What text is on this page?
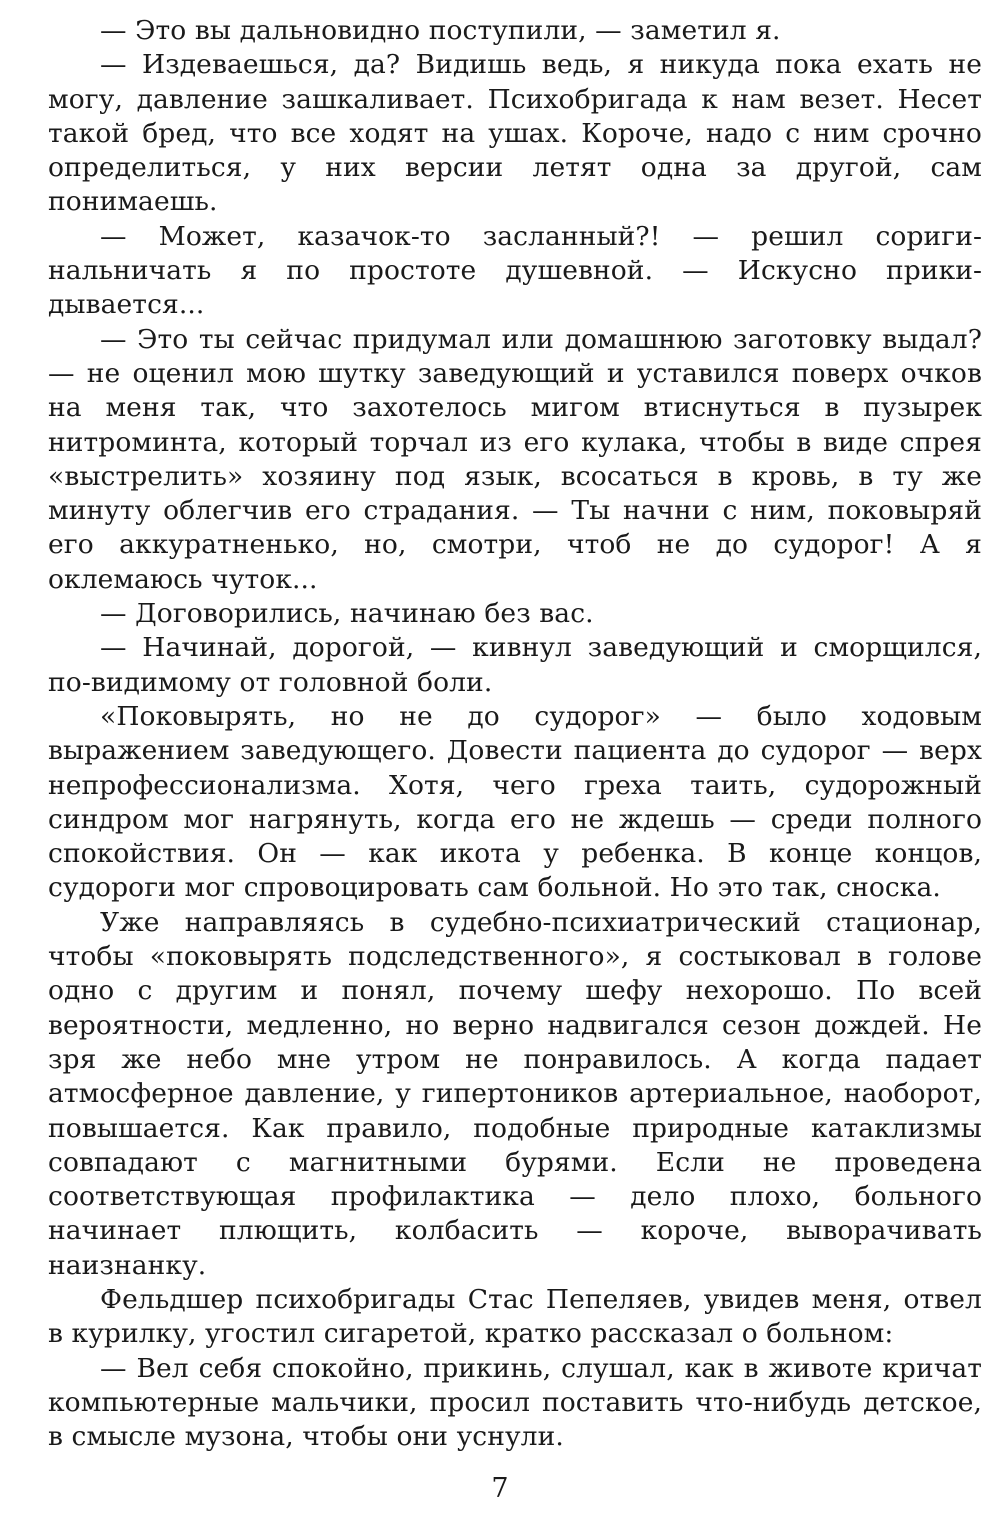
— Это вы дальновидно поступили, — заметил я.

— Издеваешься, да? Видишь ведь, я никуда пока ехать не могу, давление зашкаливает. Психобригада к нам везет. Несет такой бред, что все ходят на ушах. Короче, надо с ним срочно определиться, у них версии летят одна за другой, сам понимаешь.

— Может, казачок-то засланный?! — решил соригинальничать я по простоте душевной. — Искусно прикидывается...

— Это ты сейчас придумал или домашнюю заготовку выдал? — не оценил мою шутку заведующий и уставился поверх очков на меня так, что захотелось мигом втиснуться в пузырек нитроминта, который торчал из его кулака, чтобы в виде спрея «выстрелить» хозяину под язык, всосаться в кровь, в ту же минуту облегчив его страдания. — Ты начни с ним, поковыряй его аккуратненько, но, смотри, чтоб не до судорог! А я оклемаюсь чуток...

— Договорились, начинаю без вас.

— Начинай, дорогой, — кивнул заведующий и сморщился, по-видимому от головной боли.

«Поковырять, но не до судорог» — было ходовым выражением заведующего. Довести пациента до судорог — верх непрофессионализма. Хотя, чего греха таить, судорожный синдром мог нагрянуть, когда его не ждешь — среди полного спокойствия. Он — как икота у ребенка. В конце концов, судороги мог спровоцировать сам больной. Но это так, сноска.

Уже направляясь в судебно-психиатрический стационар, чтобы «поковырять подследственного», я состыковал в голове одно с другим и понял, почему шефу нехорошо. По всей вероятности, медленно, но верно надвигался сезон дождей. Не зря же небо мне утром не понравилось. А когда падает атмосферное давление, у гипертоников артериальное, наоборот, повышается. Как правило, подобные природные катаклизмы совпадают с магнитными бурями. Если не проведена соответствующая профилактика — дело плохо, больного начинает плющить, колбасить — короче, выворачивать наизнанку.

Фельдшер психобригады Стас Пепеляев, увидев меня, отвел в курилку, угостил сигаретой, кратко рассказал о больном:

— Вел себя спокойно, прикинь, слушал, как в животе кричат компьютерные мальчики, просил поставить что-нибудь детское, в смысле музона, чтобы они уснули.

7
